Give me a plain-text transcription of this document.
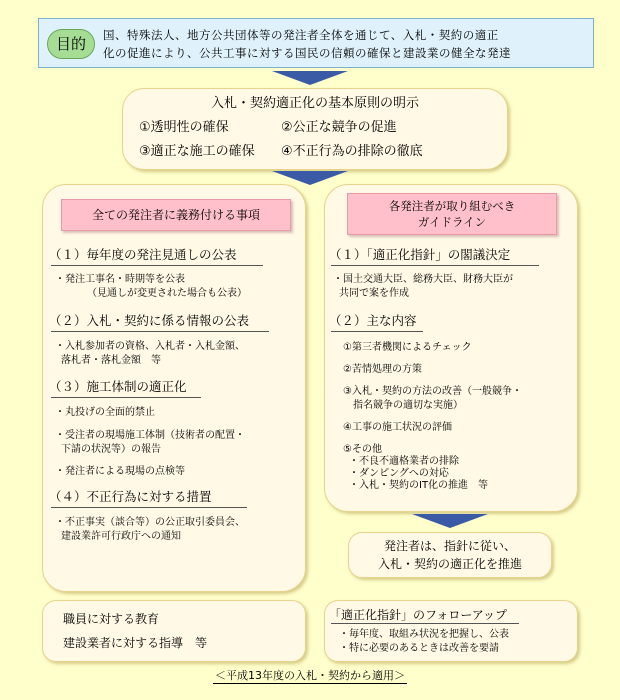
目的	国、特殊法人、地方公共団体等の発注者全体を通じて、入札・契約の適正
化の促進により、公共工事に対する国民の信頼の確保と建設業の健全な発達
入札・契約適正化の基本原則の明示
①透明性の確保	②公正な競争の促進
③適正な施工の確保 ④不正行為の排除の徹底
全ての発注者に義務付ける事項
（１）毎年度の発注見通しの公表
・発注工事名・時期等を公表
（見通しが変更された場合も公表）
（２）入札・契約に係る情報の公表
・入札参加者の資格、入札者・入札金額、
落札者・落札金額　等
（３）施工体制の適正化
・丸投げの全面的禁止
・受注者の現場施工体制（技術者の配置・
下請の状況等）の報告
・発注者による現場の点検等
（４）不正行為に対する措置
・不正事実（談合等）の公正取引委員会、
建設業許可行政庁への通知
各発注者が取り組むべき
ガイドライン
（１）「適正化指針」の閣議決定
・国土交通大臣、総務大臣、財務大臣が
共同で案を作成
（２）主な内容
①第三者機関によるチェック
②苦情処理の方策
③入札・契約の方法の改善（一般競争・
指名競争の適切な実施）
④工事の施工状況の評価
⑤その他
・不良不適格業者の排除
・ダンピングへの対応
・入札・契約のIT化の推進　等
発注者は、指針に従い、
入札・契約の適正化を推進
職員に対する教育
建設業者に対する指導　等
「適正化指針」のフォローアップ
・毎年度、取組み状況を把握し、公表
・特に必要のあるときは改善を要請
＜平成13年度の入札・契約から適用＞
